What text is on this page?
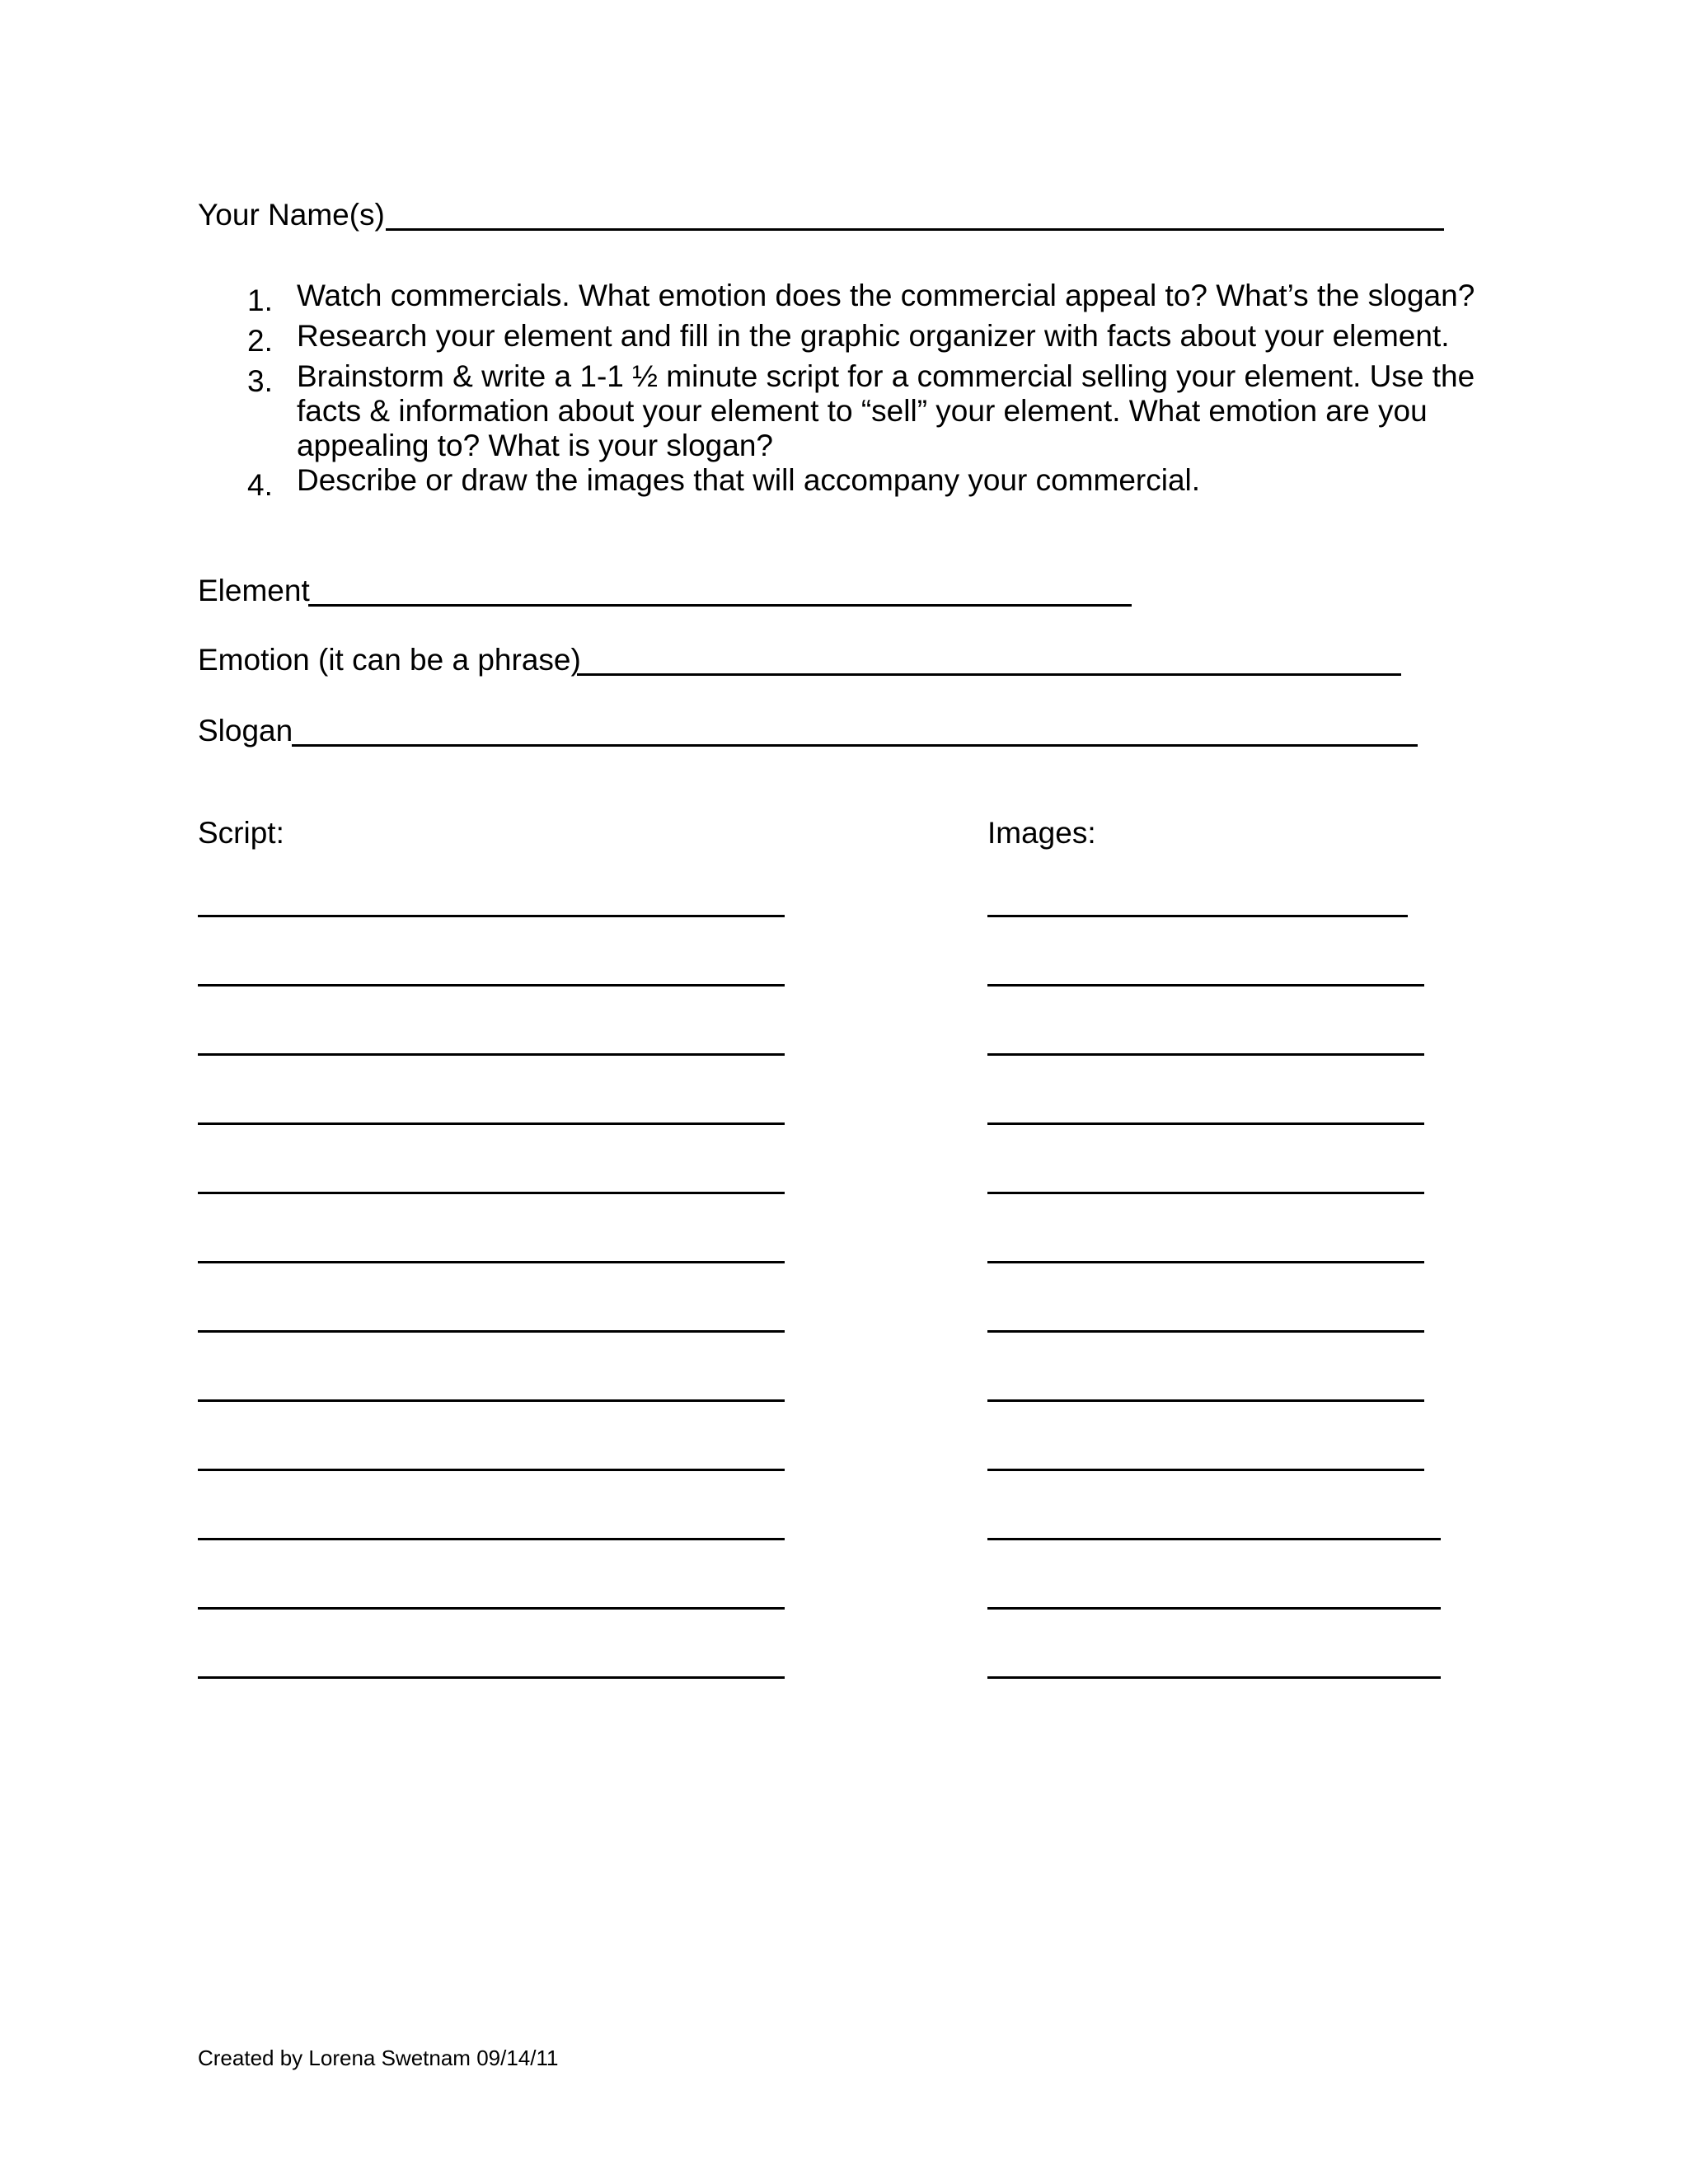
Your Name(s)
1. Watch commercials. What emotion does the commercial appeal to? What’s the slogan?
2. Research your element and fill in the graphic organizer with facts about your element.
3. Brainstorm & write a 1-1 ½ minute script for a commercial selling your element. Use the
facts & information about your element to “sell” your element. What emotion are you
appealing to? What is your slogan?
4. Describe or draw the images that will accompany your commercial.
Element
Emotion (it can be a phrase)
Slogan
Script:	Images:
Created by Lorena Swetnam 09/14/11
